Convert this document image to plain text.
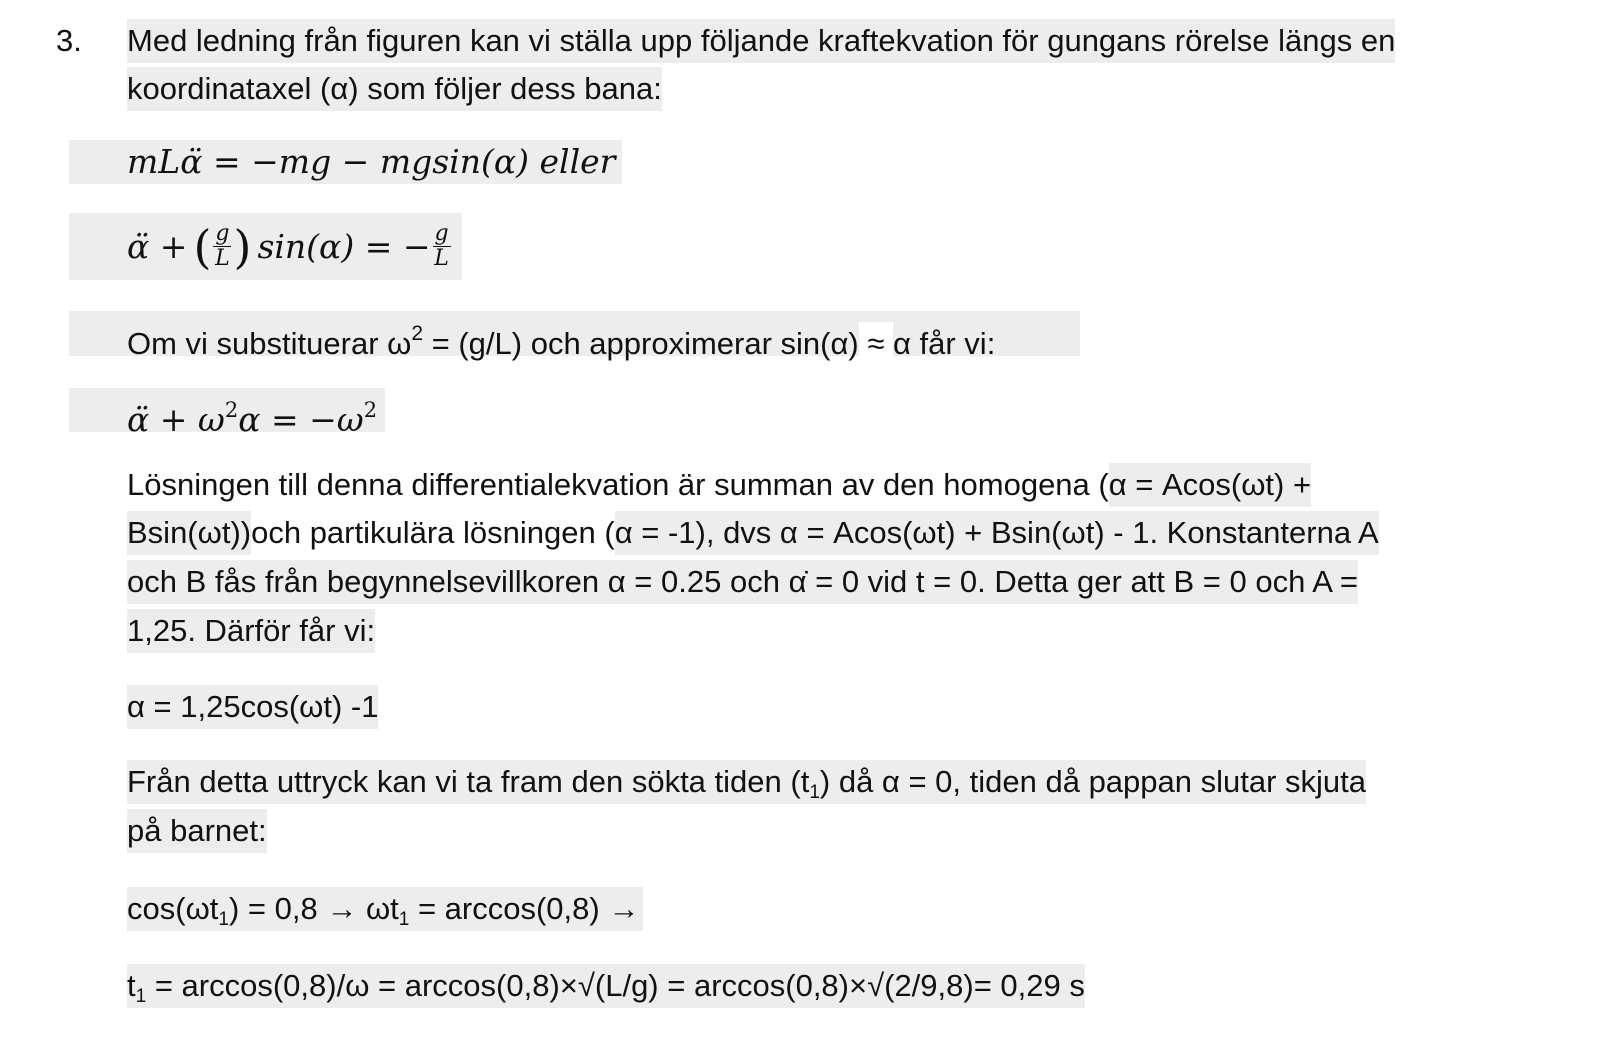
3. Med ledning från figuren kan vi ställa upp följande kraftekvation för gungans rörelse längs en
koordinataxel (α) som följer dess bana:
mLα̈ = −mg − mgsin(α) eller
α̈ + ( $\frac{g}{L}$ ) sin(α) = − $\frac{g}{L}$
Om vi substituerar $\omega^2 = (g/L)$ och approximerar sin(α) ≈ α får vi:
α̈ + $\omega^2\alpha = -\omega^2$
Lösningen till denna differentialekvation är summan av den homogena (α = Acos(ωt) +
Bsin(ωt))och partikulära lösningen (α = -1), dvs α = Acos(ωt) + Bsin(ωt) - 1. Konstanterna A
och B fås från begynnelsevillkoren α = 0.25 och α̇ = 0 vid t = 0. Detta ger att B = 0 och A =
1,25. Därför får vi:
α = 1,25cos(ωt) -1
Från detta uttryck kan vi ta fram den sökta tiden $(t_1)$ då α = 0, tiden då pappan slutar skjuta
på barnet:
$\cos(\omega t_1) = 0,8 \to \omega t_1 = \arccos(0,8)$ →
$t_1 = \arccos(0,8)/\omega = \arccos(0,8)\times√(L/g) = \arccos(0,8)\times√(2/9,8)= 0,29$ s
